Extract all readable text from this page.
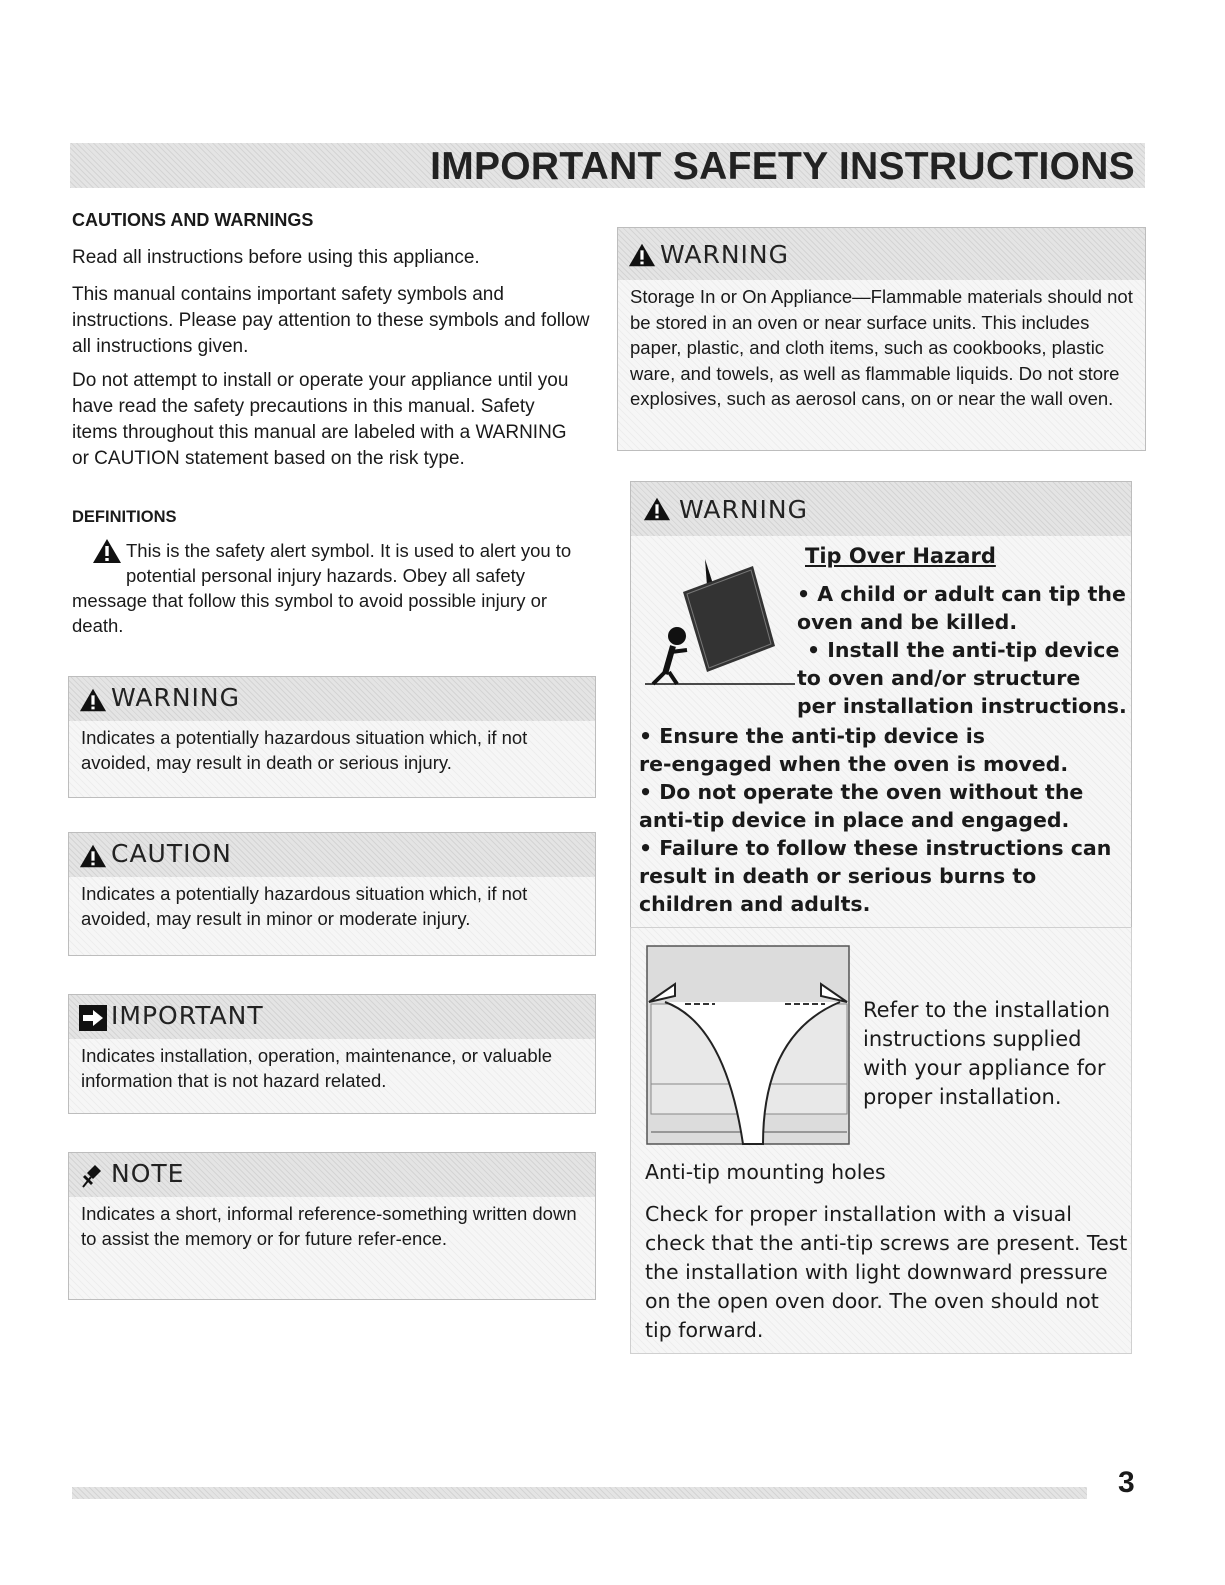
IMPORTANT SAFETY INSTRUCTIONS
CAUTIONS AND WARNINGS

Read all instructions before using this appliance.

This manual contains important safety symbols and instructions. Please pay attention to these symbols and follow all instructions given.

Do not attempt to install or operate your appliance until you have read the safety precautions in this manual. Safety items throughout this manual are labeled with a WARNING or CAUTION statement based on the risk type.

DEFINITIONS
This is the safety alert symbol. It is used to alert you to potential personal injury hazards. Obey all safety message that follow this symbol to avoid possible injury or death.
WARNING
Indicates a potentially hazardous situation which, if not avoided, may result in death or serious injury.
CAUTION
Indicates a potentially hazardous situation which, if not avoided, may result in minor or moderate injury.
IMPORTANT
Indicates installation, operation, maintenance, or valuable information that is not hazard related.
NOTE
Indicates a short, informal reference-something written down to assist the memory or for future refer-ence.
WARNING
Storage In or On Appliance—Flammable materials should not be stored in an oven or near surface units. This includes paper, plastic, and cloth items, such as cookbooks, plastic ware, and towels, as well as flammable liquids. Do not store explosives, such as aerosol cans, on or near the wall oven.
WARNING
Tip Over Hazard
• A child or adult can tip the
oven and be killed.
• Install the anti-tip device
to oven and/or structure
per installation instructions.
• Ensure the anti-tip device is
re-engaged when the oven is moved.
• Do not operate the oven without the
anti-tip device in place and engaged.
• Failure to follow these instructions can
result in death or serious burns to
children and adults.
Refer to the installation instructions supplied with your appliance for proper installation.
Anti-tip mounting holes
Check for proper installation with a visual check that the anti-tip screws are present. Test the installation with light downward pressure on the open oven door. The oven should not tip forward.
3
